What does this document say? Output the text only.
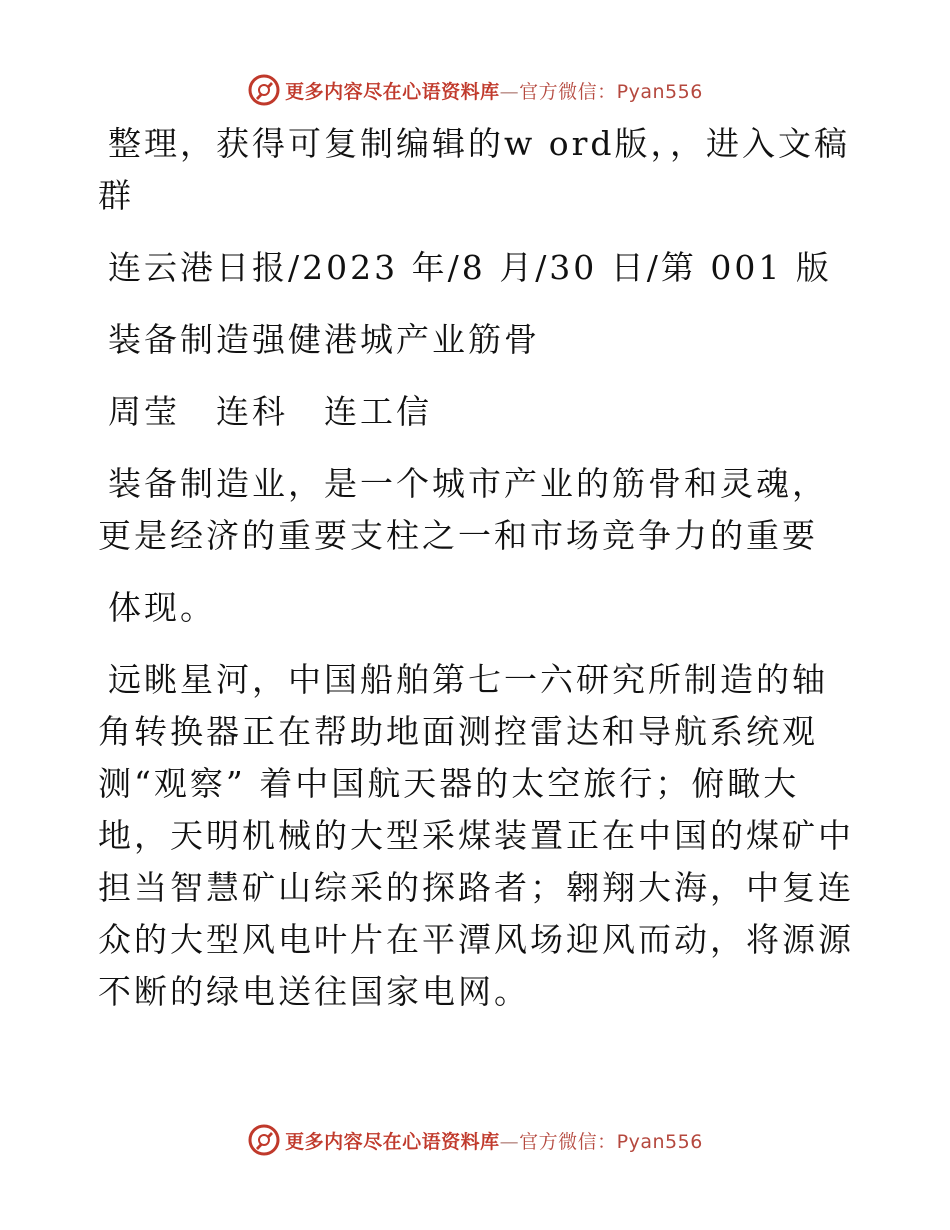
更多内容尽在心语资料库—官方微信：Pyan556

整理，获得可复制编辑的w ord版，，进入文稿群

连云港日报/2023 年/8 月/30 日/第 001 版

装备制造强健港城产业筋骨

周莹　连科　连工信

装备制造业，是一个城市产业的筋骨和灵魂，更是经济的重要支柱之一和市场竞争力的重要

体现。

远眺星河，中国船舶第七一六研究所制造的轴角转换器正在帮助地面测控雷达和导航系统观测“观察” 着中国航天器的太空旅行；俯瞰大地，天明机械的大型采煤装置正在中国的煤矿中担当智慧矿山综采的探路者；翱翔大海，中复连众的大型风电叶片在平潭风场迎风而动，将源源不断的绿电送往国家电网。

更多内容尽在心语资料库—官方微信：Pyan556
